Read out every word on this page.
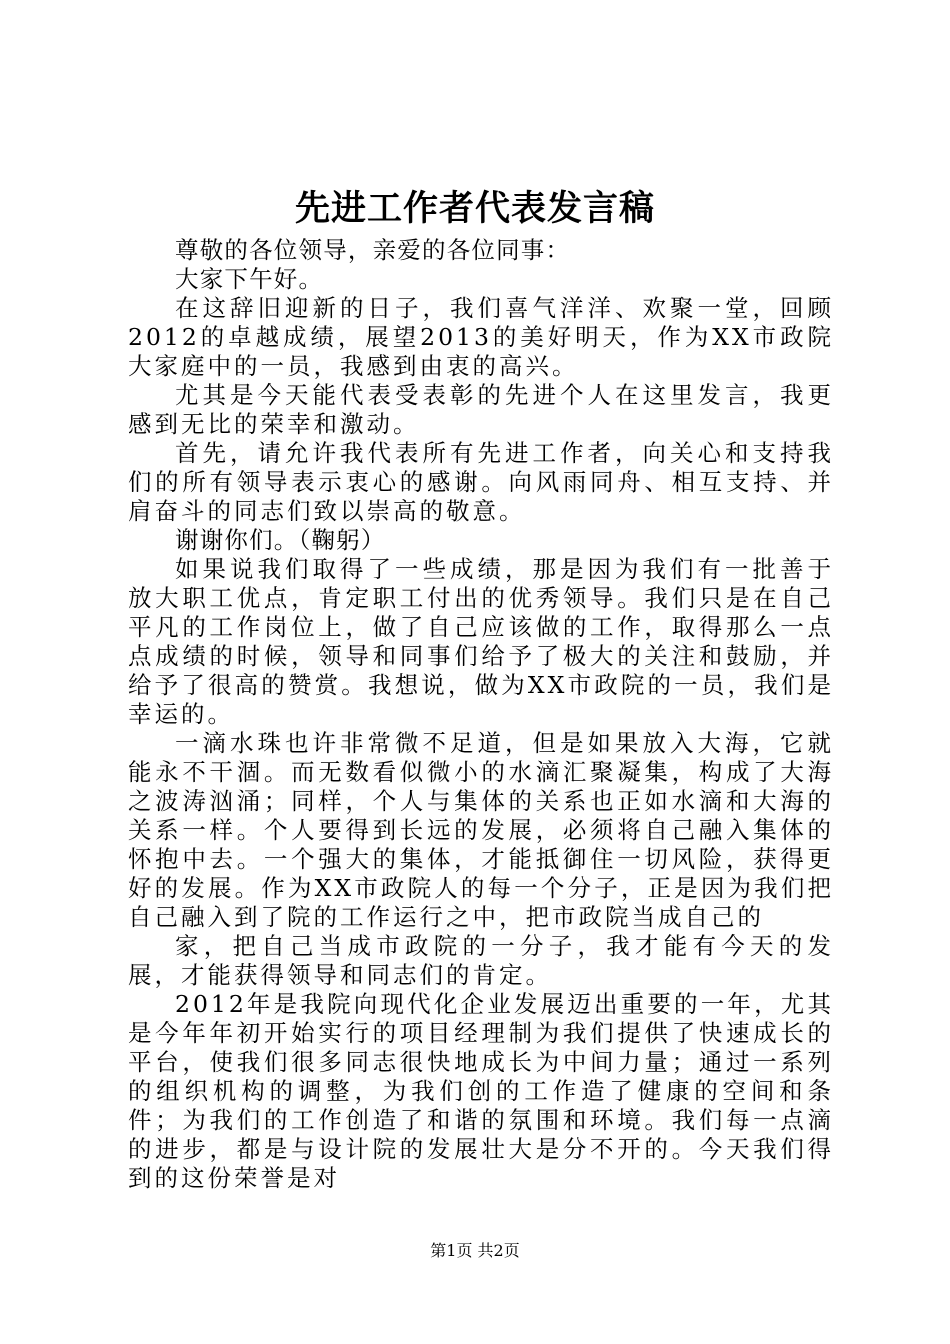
先进工作者代表发言稿

尊敬的各位领导，亲爱的各位同事：

大家下午好。

在这辞旧迎新的日子，我们喜气洋洋、欢聚一堂，回顾2012的卓越成绩，展望2013的美好明天，作为XX市政院大家庭中的一员，我感到由衷的高兴。

尤其是今天能代表受表彰的先进个人在这里发言，我更感到无比的荣幸和激动。

首先，请允许我代表所有先进工作者，向关心和支持我们的所有领导表示衷心的感谢。向风雨同舟、相互支持、并肩奋斗的同志们致以崇高的敬意。

谢谢你们。（鞠躬）

如果说我们取得了一些成绩，那是因为我们有一批善于放大职工优点，肯定职工付出的优秀领导。我们只是在自己平凡的工作岗位上，做了自己应该做的工作，取得那么一点点成绩的时候，领导和同事们给予了极大的关注和鼓励，并给予了很高的赞赏。我想说，做为XX市政院的一员，我们是幸运的。

一滴水珠也许非常微不足道，但是如果放入大海，它就能永不干涸。而无数看似微小的水滴汇聚凝集，构成了大海之波涛汹涌；同样，个人与集体的关系也正如水滴和大海的关系一样。个人要得到长远的发展，必须将自己融入集体的怀抱中去。一个强大的集体，才能抵御住一切风险，获得更好的发展。作为XX市政院人的每一个分子，正是因为我们把自己融入到了院的工作运行之中，把市政院当成自己的

家，把自己当成市政院的一分子，我才能有今天的发展，才能获得领导和同志们的肯定。

2012年是我院向现代化企业发展迈出重要的一年，尤其是今年年初开始实行的项目经理制为我们提供了快速成长的平台，使我们很多同志很快地成长为中间力量；通过一系列的组织机构的调整，为我们创的工作造了健康的空间和条件；为我们的工作创造了和谐的氛围和环境。我们每一点滴的进步，都是与设计院的发展壮大是分不开的。今天我们得到的这份荣誉是对

第1页 共2页
